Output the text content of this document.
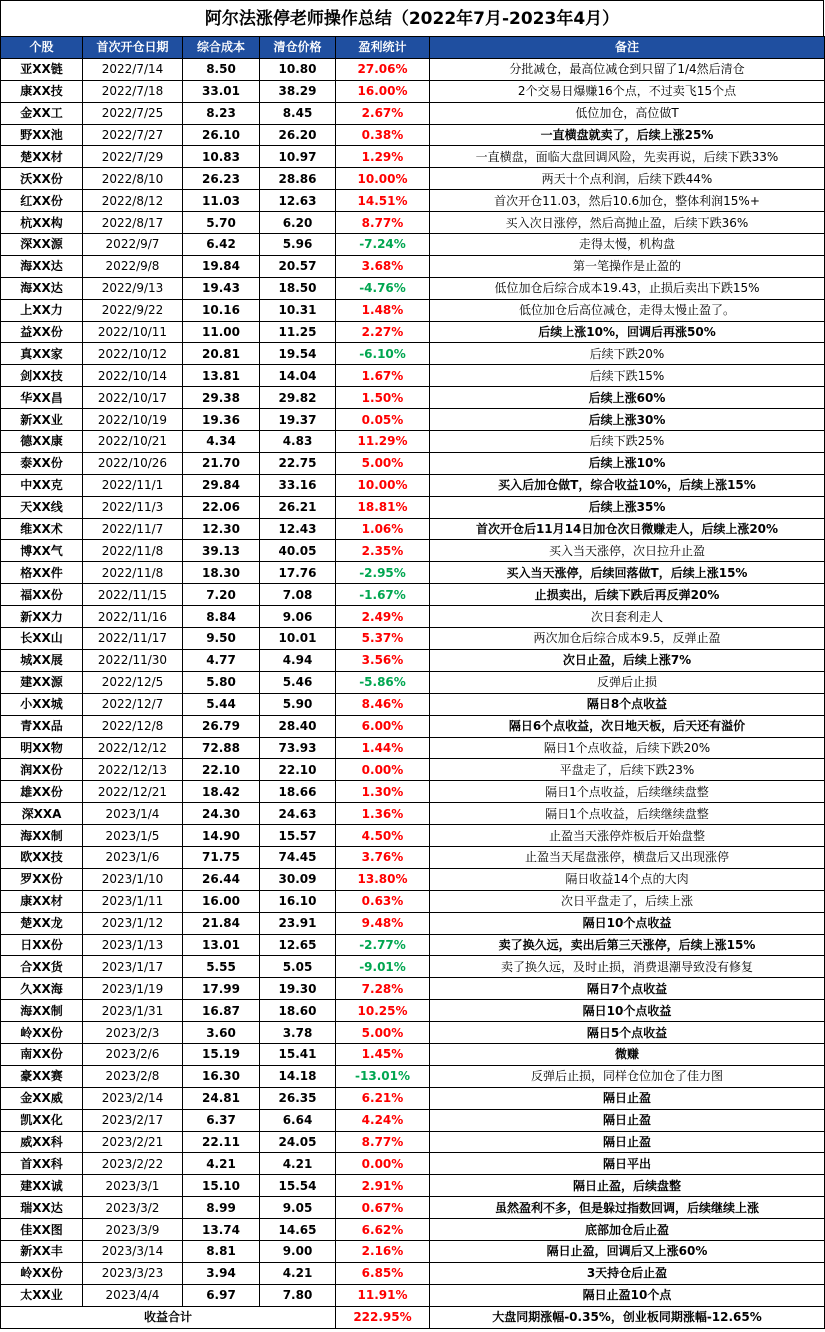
阿尔法涨停老师操作总结（2022年7月-2023年4月）
个股	首次开仓日期	综合成本	清仓价格	盈利统计	备注
亚XX链	2022/7/14	8.50	10.80	27.06%	分批减仓，最高位减仓到只留了1/4然后清仓
康XX技	2022/7/18	33.01	38.29	16.00%	2个交易日爆赚16个点，不过卖飞15个点
金XX工	2022/7/25	8.23	8.45	2.67%	低位加仓，高位做T
野XX池	2022/7/27	26.10	26.20	0.38%	一直横盘就卖了，后续上涨25%
楚XX材	2022/7/29	10.83	10.97	1.29%	一直横盘，面临大盘回调风险，先卖再说，后续下跌33%
沃XX份	2022/8/10	26.23	28.86	10.00%	两天十个点利润，后续下跌44%
红XX份	2022/8/12	11.03	12.63	14.51%	首次开仓11.03，然后10.6加仓，整体利润15%+
杭XX构	2022/8/17	5.70	6.20	8.77%	买入次日涨停，然后高抛止盈，后续下跌36%
深XX源	2022/9/7	6.42	5.96	-7.24%	走得太慢，机构盘
海XX达	2022/9/8	19.84	20.57	3.68%	第一笔操作是止盈的
海XX达	2022/9/13	19.43	18.50	-4.76%	低位加仓后综合成本19.43，止损后卖出下跌15%
上XX力	2022/9/22	10.16	10.31	1.48%	低位加仓后高位减仓，走得太慢止盈了。
益XX份	2022/10/11	11.00	11.25	2.27%	后续上涨10%，回调后再涨50%
真XX家	2022/10/12	20.81	19.54	-6.10%	后续下跌20%
剑XX技	2022/10/14	13.81	14.04	1.67%	后续下跌15%
华XX昌	2022/10/17	29.38	29.82	1.50%	后续上涨60%
新XX业	2022/10/19	19.36	19.37	0.05%	后续上涨30%
德XX康	2022/10/21	4.34	4.83	11.29%	后续下跌25%
泰XX份	2022/10/26	21.70	22.75	5.00%	后续上涨10%
中XX克	2022/11/1	29.84	33.16	10.00%	买入后加仓做T，综合收益10%，后续上涨15%
天XX线	2022/11/3	22.06	26.21	18.81%	后续上涨35%
维XX术	2022/11/7	12.30	12.43	1.06%	首次开仓后11月14日加仓次日微赚走人，后续上涨20%
博XX气	2022/11/8	39.13	40.05	2.35%	买入当天涨停，次日拉升止盈
格XX件	2022/11/8	18.30	17.76	-2.95%	买入当天涨停，后续回落做T，后续上涨15%
福XX份	2022/11/15	7.20	7.08	-1.67%	止损卖出，后续下跌后再反弹20%
新XX力	2022/11/16	8.84	9.06	2.49%	次日套利走人
长XX山	2022/11/17	9.50	10.01	5.37%	两次加仓后综合成本9.5，反弹止盈
城XX展	2022/11/30	4.77	4.94	3.56%	次日止盈，后续上涨7%
建XX源	2022/12/5	5.80	5.46	-5.86%	反弹后止损
小XX城	2022/12/7	5.44	5.90	8.46%	隔日8个点收益
青XX品	2022/12/8	26.79	28.40	6.00%	隔日6个点收益，次日地天板，后天还有溢价
明XX物	2022/12/12	72.88	73.93	1.44%	隔日1个点收益，后续下跌20%
润XX份	2022/12/13	22.10	22.10	0.00%	平盘走了，后续下跌23%
雄XX份	2022/12/21	18.42	18.66	1.30%	隔日1个点收益，后续继续盘整
深XXA	2023/1/4	24.30	24.63	1.36%	隔日1个点收益，后续继续盘整
海XX制	2023/1/5	14.90	15.57	4.50%	止盈当天涨停炸板后开始盘整
欧XX技	2023/1/6	71.75	74.45	3.76%	止盈当天尾盘涨停，横盘后又出现涨停
罗XX份	2023/1/10	26.44	30.09	13.80%	隔日收益14个点的大肉
康XX材	2023/1/11	16.00	16.10	0.63%	次日平盘走了，后续上涨
楚XX龙	2023/1/12	21.84	23.91	9.48%	隔日10个点收益
日XX份	2023/1/13	13.01	12.65	-2.77%	卖了换久远，卖出后第三天涨停，后续上涨15%
合XX货	2023/1/17	5.55	5.05	-9.01%	卖了换久远，及时止损，消费退潮导致没有修复
久XX海	2023/1/19	17.99	19.30	7.28%	隔日7个点收益
海XX制	2023/1/31	16.87	18.60	10.25%	隔日10个点收益
岭XX份	2023/2/3	3.60	3.78	5.00%	隔日5个点收益
南XX份	2023/2/6	15.19	15.41	1.45%	微赚
豪XX赛	2023/2/8	16.30	14.18	-13.01%	反弹后止损，同样仓位加仓了佳力图
金XX威	2023/2/14	24.81	26.35	6.21%	隔日止盈
凯XX化	2023/2/17	6.37	6.64	4.24%	隔日止盈
威XX科	2023/2/21	22.11	24.05	8.77%	隔日止盈
首XX科	2023/2/22	4.21	4.21	0.00%	隔日平出
建XX诚	2023/3/1	15.10	15.54	2.91%	隔日止盈，后续盘整
瑞XX达	2023/3/2	8.99	9.05	0.67%	虽然盈利不多，但是躲过指数回调，后续继续上涨
佳XX图	2023/3/9	13.74	14.65	6.62%	底部加仓后止盈
新XX丰	2023/3/14	8.81	9.00	2.16%	隔日止盈，回调后又上涨60%
岭XX份	2023/3/23	3.94	4.21	6.85%	3天持仓后止盈
太XX业	2023/4/4	6.97	7.80	11.91%	隔日止盈10个点
收益合计				222.95%	大盘同期涨幅-0.35%，创业板同期涨幅-12.65%
